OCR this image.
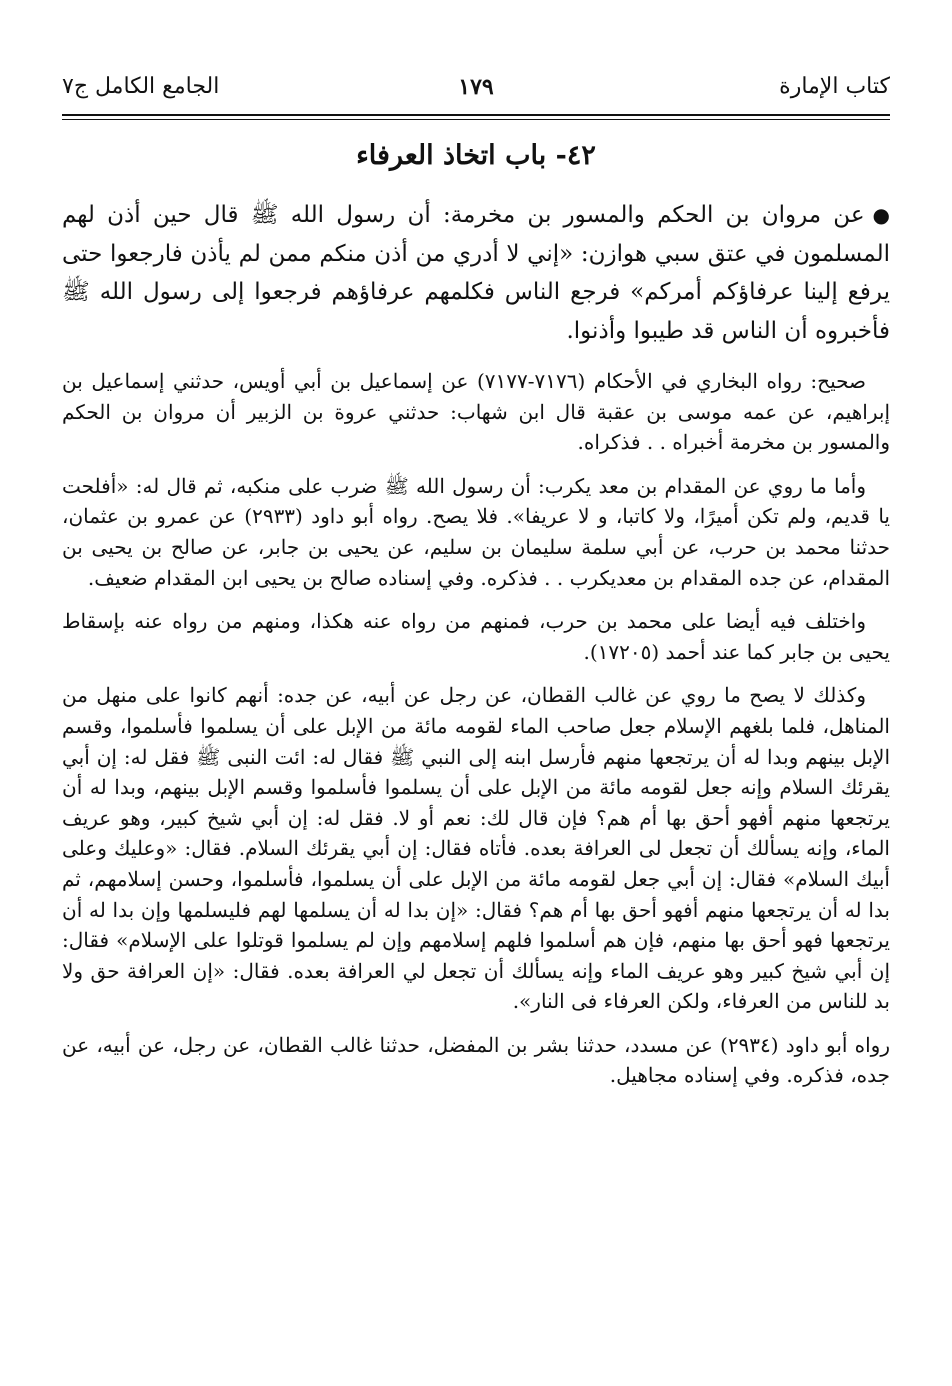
كتاب الإمارة
١٧٩
الجامع الكامل ج٧
٤٢- باب اتخاذ العرفاء

●عن مروان بن الحكم والمسور بن مخرمة: أن رسول الله ﷺ قال حين أذن لهم المسلمون في عتق سبي هوازن: «إني لا أدري من أذن منكم ممن لم يأذن فارجعوا حتى يرفع إلينا عرفاؤكم أمركم» فرجع الناس فكلمهم عرفاؤهم فرجعوا إلى رسول الله ﷺ فأخبروه أن الناس قد طيبوا وأذنوا.

صحيح: رواه البخاري في الأحكام (٧١٧٦-٧١٧٧) عن إسماعيل بن أبي أويس، حدثني إسماعيل بن إبراهيم، عن عمه موسى بن عقبة قال ابن شهاب: حدثني عروة بن الزبير أن مروان بن الحكم والمسور بن مخرمة أخبراه . . فذكراه.

وأما ما روي عن المقدام بن معد يكرب: أن رسول الله ﷺ ضرب على منكبه، ثم قال له: «أفلحت يا قديم، ولم تكن أميرًا، ولا كاتبا، و لا عريفا». فلا يصح. رواه أبو داود (٢٩٣٣) عن عمرو بن عثمان، حدثنا محمد بن حرب، عن أبي سلمة سليمان بن سليم، عن يحيى بن جابر، عن صالح بن يحيى بن المقدام، عن جده المقدام بن معديكرب . . فذكره. وفي إسناده صالح بن يحيى ابن المقدام ضعيف.

واختلف فيه أيضا على محمد بن حرب، فمنهم من رواه عنه هكذا، ومنهم من رواه عنه بإسقاط يحيى بن جابر كما عند أحمد (١٧٢٠٥).

وكذلك لا يصح ما روي عن غالب القطان، عن رجل عن أبيه، عن جده: أنهم كانوا على منهل من المناهل، فلما بلغهم الإسلام جعل صاحب الماء لقومه مائة من الإبل على أن يسلموا فأسلموا، وقسم الإبل بينهم وبدا له أن يرتجعها منهم فأرسل ابنه إلى النبي ﷺ فقال له: ائت النبى ﷺ فقل له: إن أبي يقرئك السلام وإنه جعل لقومه مائة من الإبل على أن يسلموا فأسلموا وقسم الإبل بينهم، وبدا له أن يرتجعها منهم أفهو أحق بها أم هم؟ فإن قال لك: نعم أو لا. فقل له: إن أبي شيخ كبير، وهو عريف الماء، وإنه يسألك أن تجعل لى العرافة بعده. فأتاه فقال: إن أبي يقرئك السلام. فقال: «وعليك وعلى أبيك السلام» فقال: إن أبي جعل لقومه مائة من الإبل على أن يسلموا، فأسلموا، وحسن إسلامهم، ثم بدا له أن يرتجعها منهم أفهو أحق بها أم هم؟ فقال: «إن بدا له أن يسلمها لهم فليسلمها وإن بدا له أن يرتجعها فهو أحق بها منهم، فإن هم أسلموا فلهم إسلامهم وإن لم يسلموا قوتلوا على الإسلام» فقال: إن أبي شيخ كبير وهو عريف الماء وإنه يسألك أن تجعل لي العرافة بعده. فقال: «إن العرافة حق ولا بد للناس من العرفاء، ولكن العرفاء فى النار».

رواه أبو داود (٢٩٣٤) عن مسدد، حدثنا بشر بن المفضل، حدثنا غالب القطان، عن رجل، عن أبيه، عن جده، فذكره. وفي إسناده مجاهيل.
